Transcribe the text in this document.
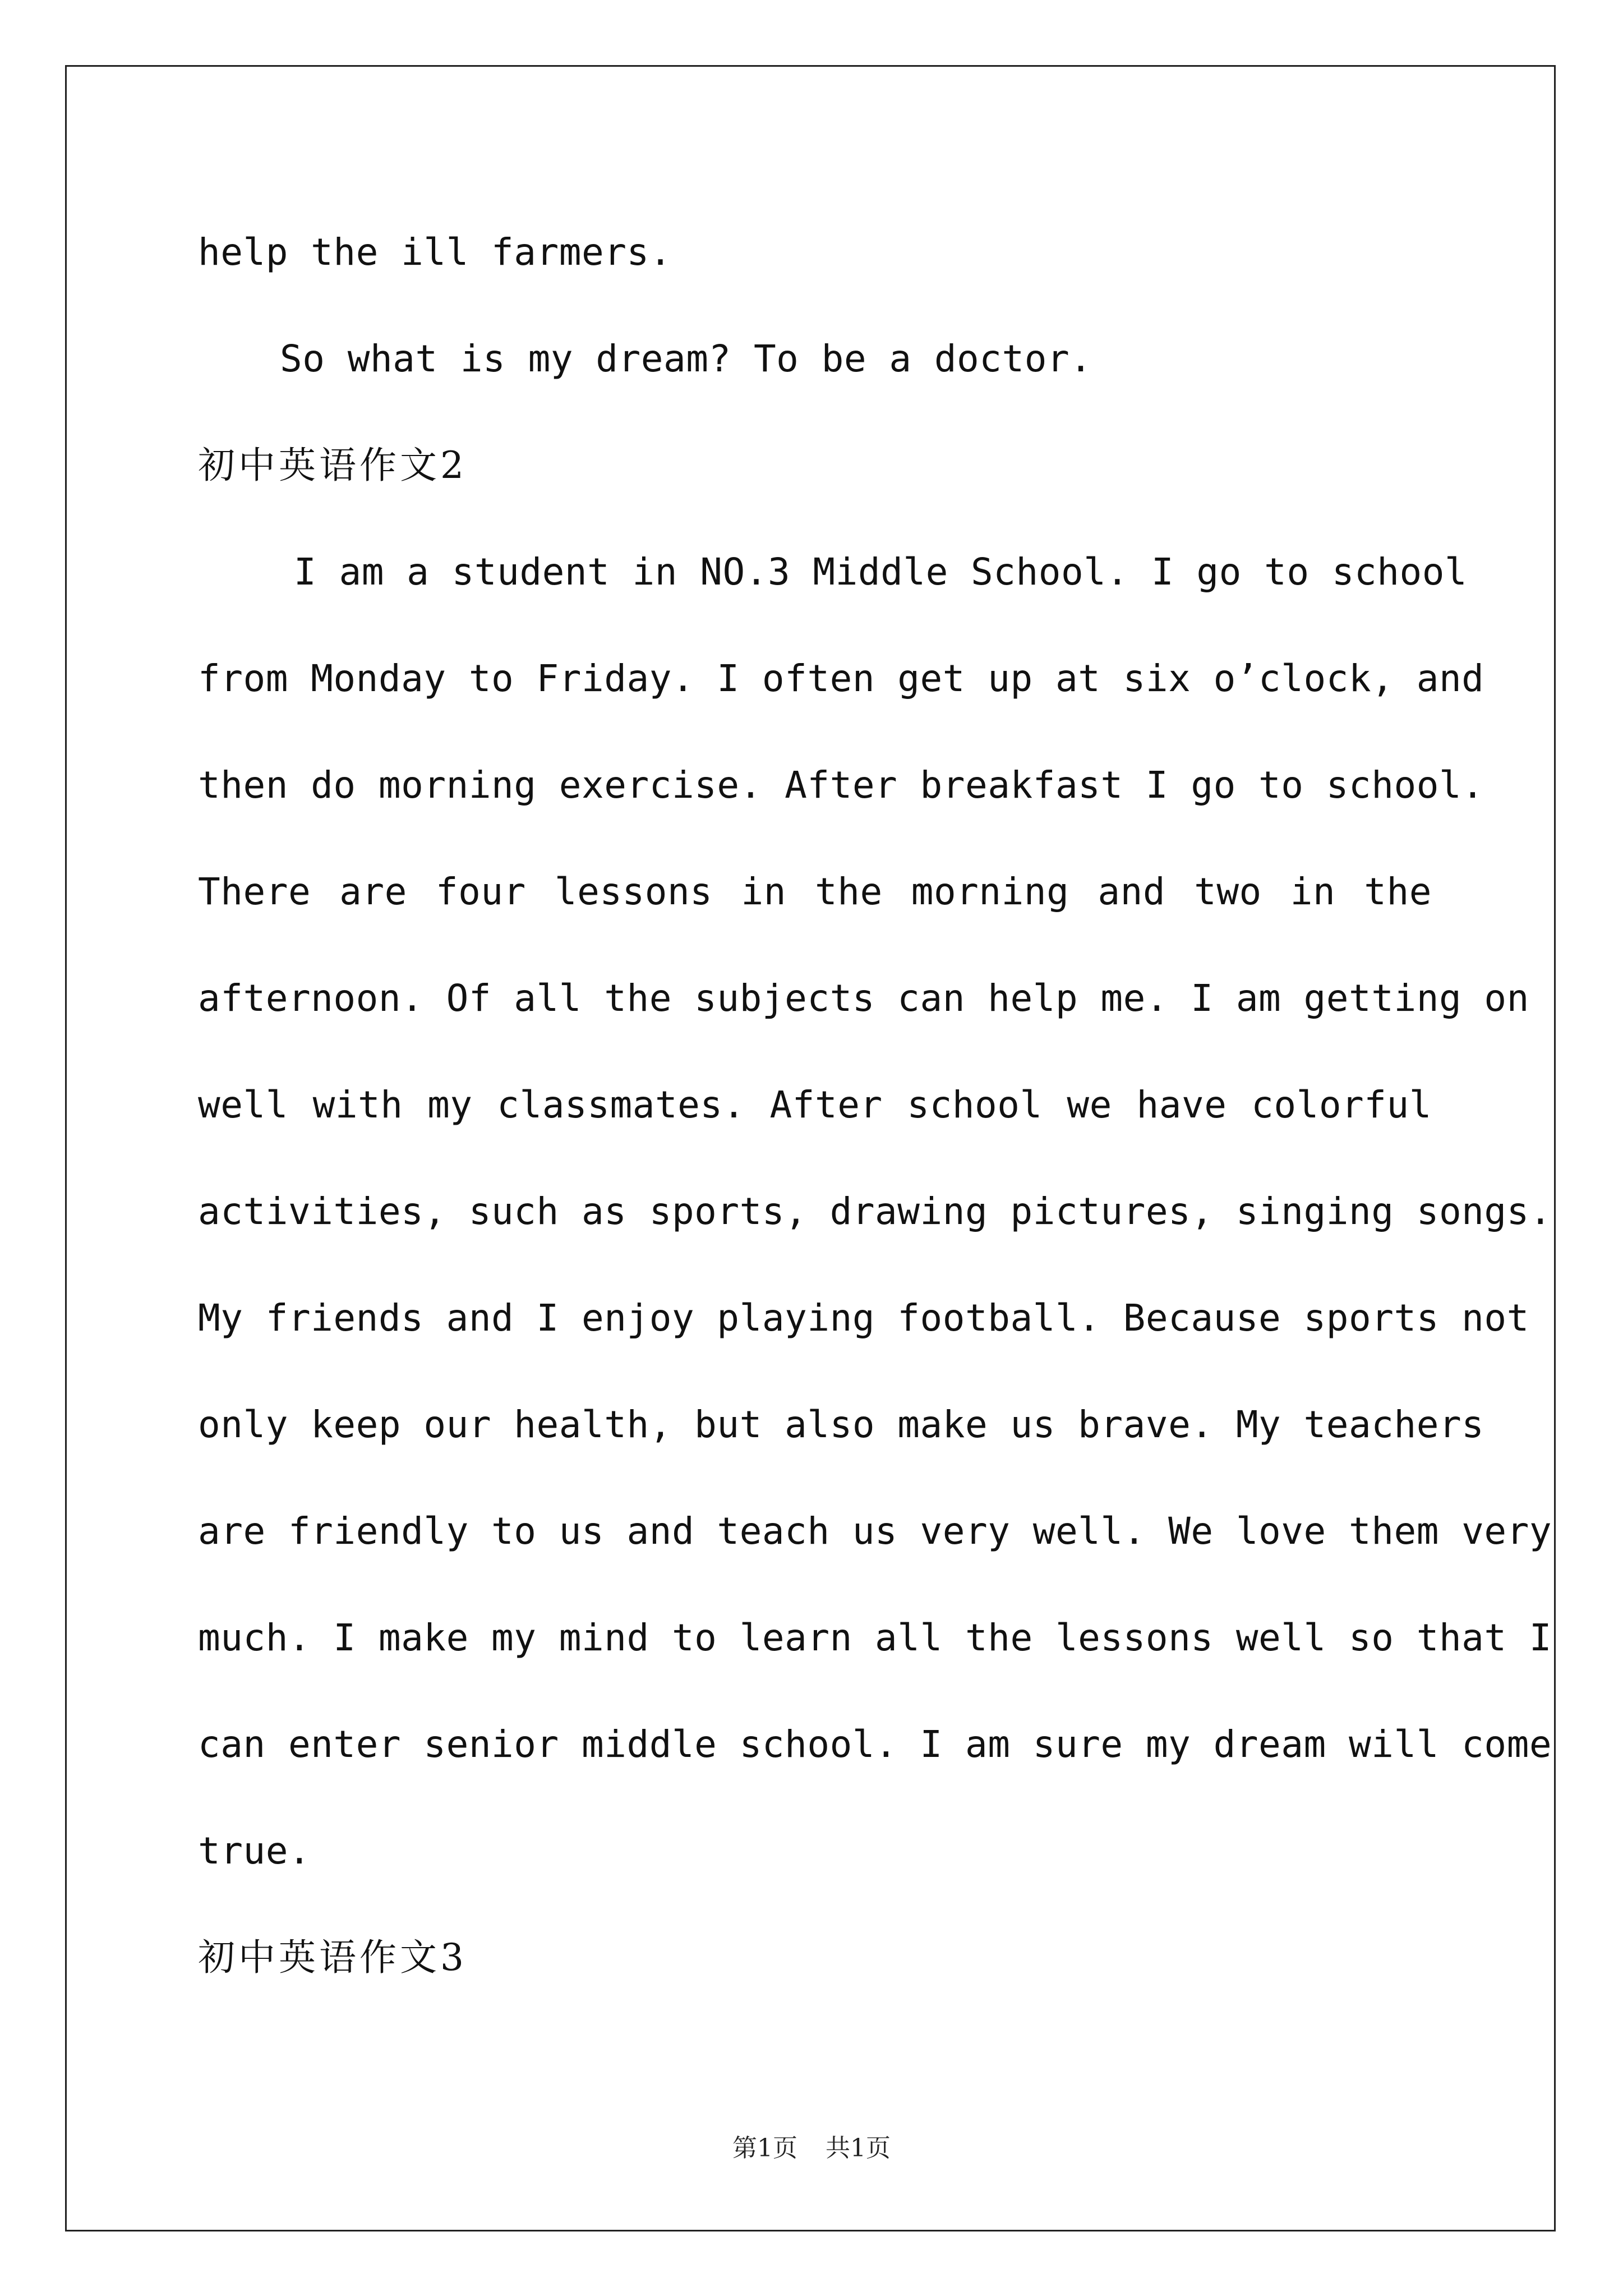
help the ill farmers.
So what is my dream? To be a doctor.
初中英语作文2
I am a student in NO.3 Middle School. I go to school
from Monday to Friday. I often get up at six o’clock, and
then do morning exercise. After breakfast I go to school.
There are four lessons in the morning and two in the
afternoon. Of all the subjects can help me. I am getting on
well with my classmates. After school we have colorful
activities, such as sports, drawing pictures, singing songs.
My friends and I enjoy playing football. Because sports not
only keep our health, but also make us brave. My teachers
are friendly to us and teach us very well. We love them very
much. I make my mind to learn all the lessons well so that I
can enter senior middle school. I am sure my dream will come
true.
初中英语作文3
第1页 共1页
